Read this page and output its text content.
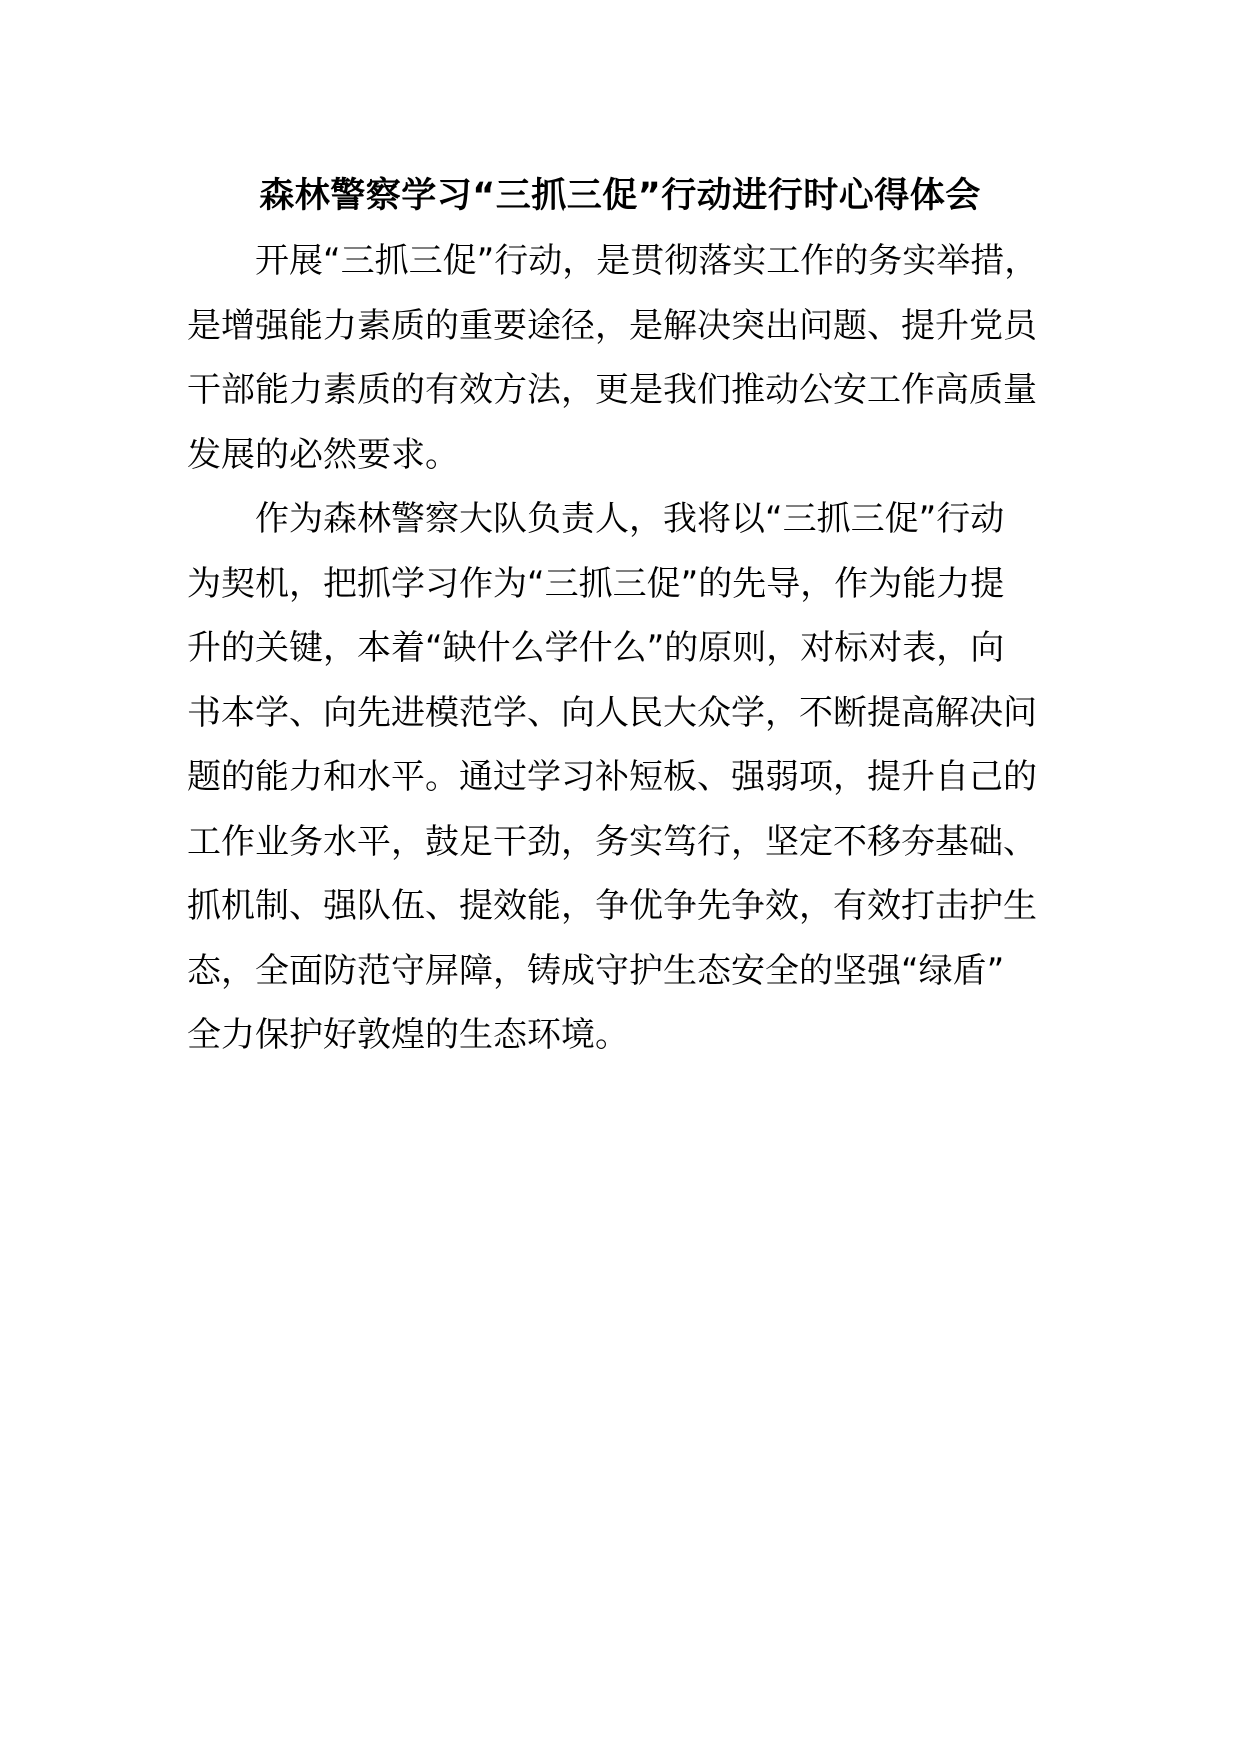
森林警察学习“三抓三促”行动进行时心得体会
开展“三抓三促”行动，是贯彻落实工作的务实举措，
是增强能力素质的重要途径，是解决突出问题、提升党员
干部能力素质的有效方法，更是我们推动公安工作高质量
发展的必然要求。
作为森林警察大队负责人，我将以“三抓三促”行动
为契机，把抓学习作为“三抓三促”的先导，作为能力提
升的关键，本着“缺什么学什么”的原则，对标对表，向
书本学、向先进模范学、向人民大众学，不断提高解决问
题的能力和水平。通过学习补短板、强弱项，提升自己的
工作业务水平，鼓足干劲，务实笃行，坚定不移夯基础、
抓机制、强队伍、提效能，争优争先争效，有效打击护生
态，全面防范守屏障，铸成守护生态安全的坚强“绿盾”
全力保护好敦煌的生态环境。
